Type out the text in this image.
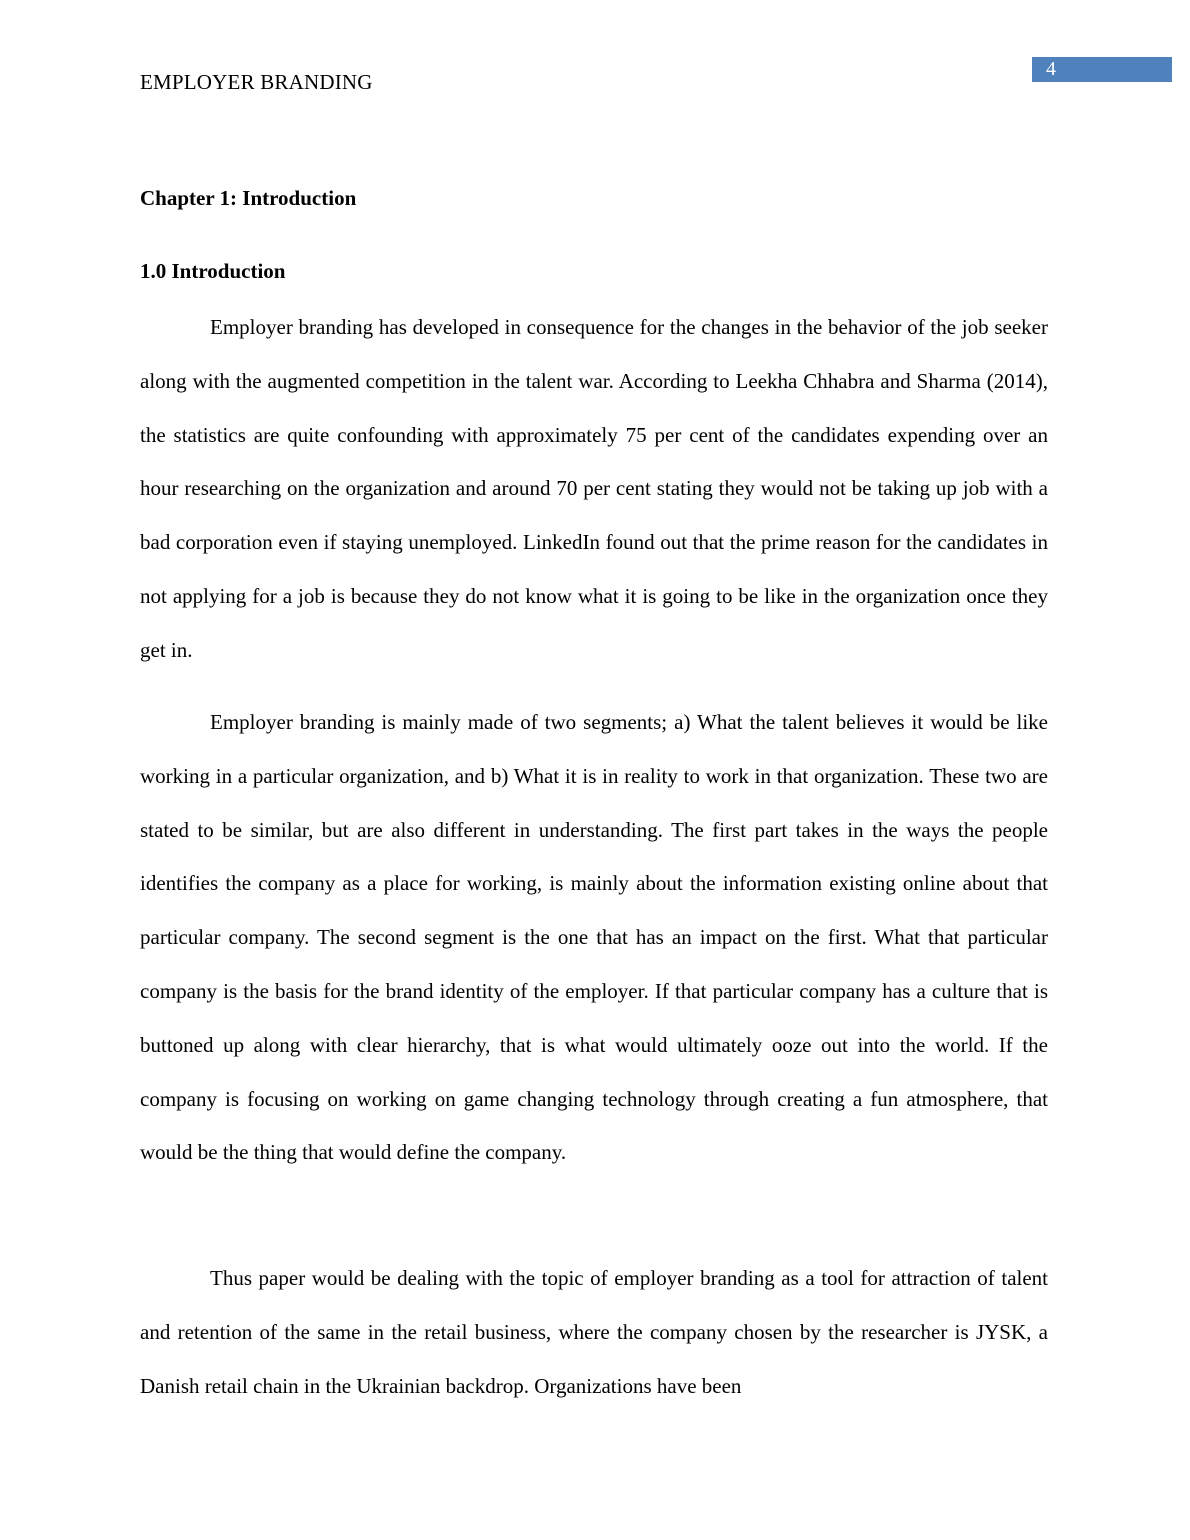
EMPLOYER BRANDING
4
Chapter 1: Introduction
1.0 Introduction

Employer branding has developed in consequence for the changes in the behavior of the job seeker along with the augmented competition in the talent war. According to Leekha Chhabra and Sharma (2014), the statistics are quite confounding with approximately 75 per cent of the candidates expending over an hour researching on the organization and around 70 per cent stating they would not be taking up job with a bad corporation even if staying unemployed. LinkedIn found out that the prime reason for the candidates in not applying for a job is because they do not know what it is going to be like in the organization once they get in.

Employer branding is mainly made of two segments; a) What the talent believes it would be like working in a particular organization, and b) What it is in reality to work in that organization. These two are stated to be similar, but are also different in understanding. The first part takes in the ways the people identifies the company as a place for working, is mainly about the information existing online about that particular company. The second segment is the one that has an impact on the first. What that particular company is the basis for the brand identity of the employer. If that particular company has a culture that is buttoned up along with clear hierarchy, that is what would ultimately ooze out into the world. If the company is focusing on working on game changing technology through creating a fun atmosphere, that would be the thing that would define the company.

Thus paper would be dealing with the topic of employer branding as a tool for attraction of talent and retention of the same in the retail business, where the company chosen by the researcher is JYSK, a Danish retail chain in the Ukrainian backdrop. Organizations have been
